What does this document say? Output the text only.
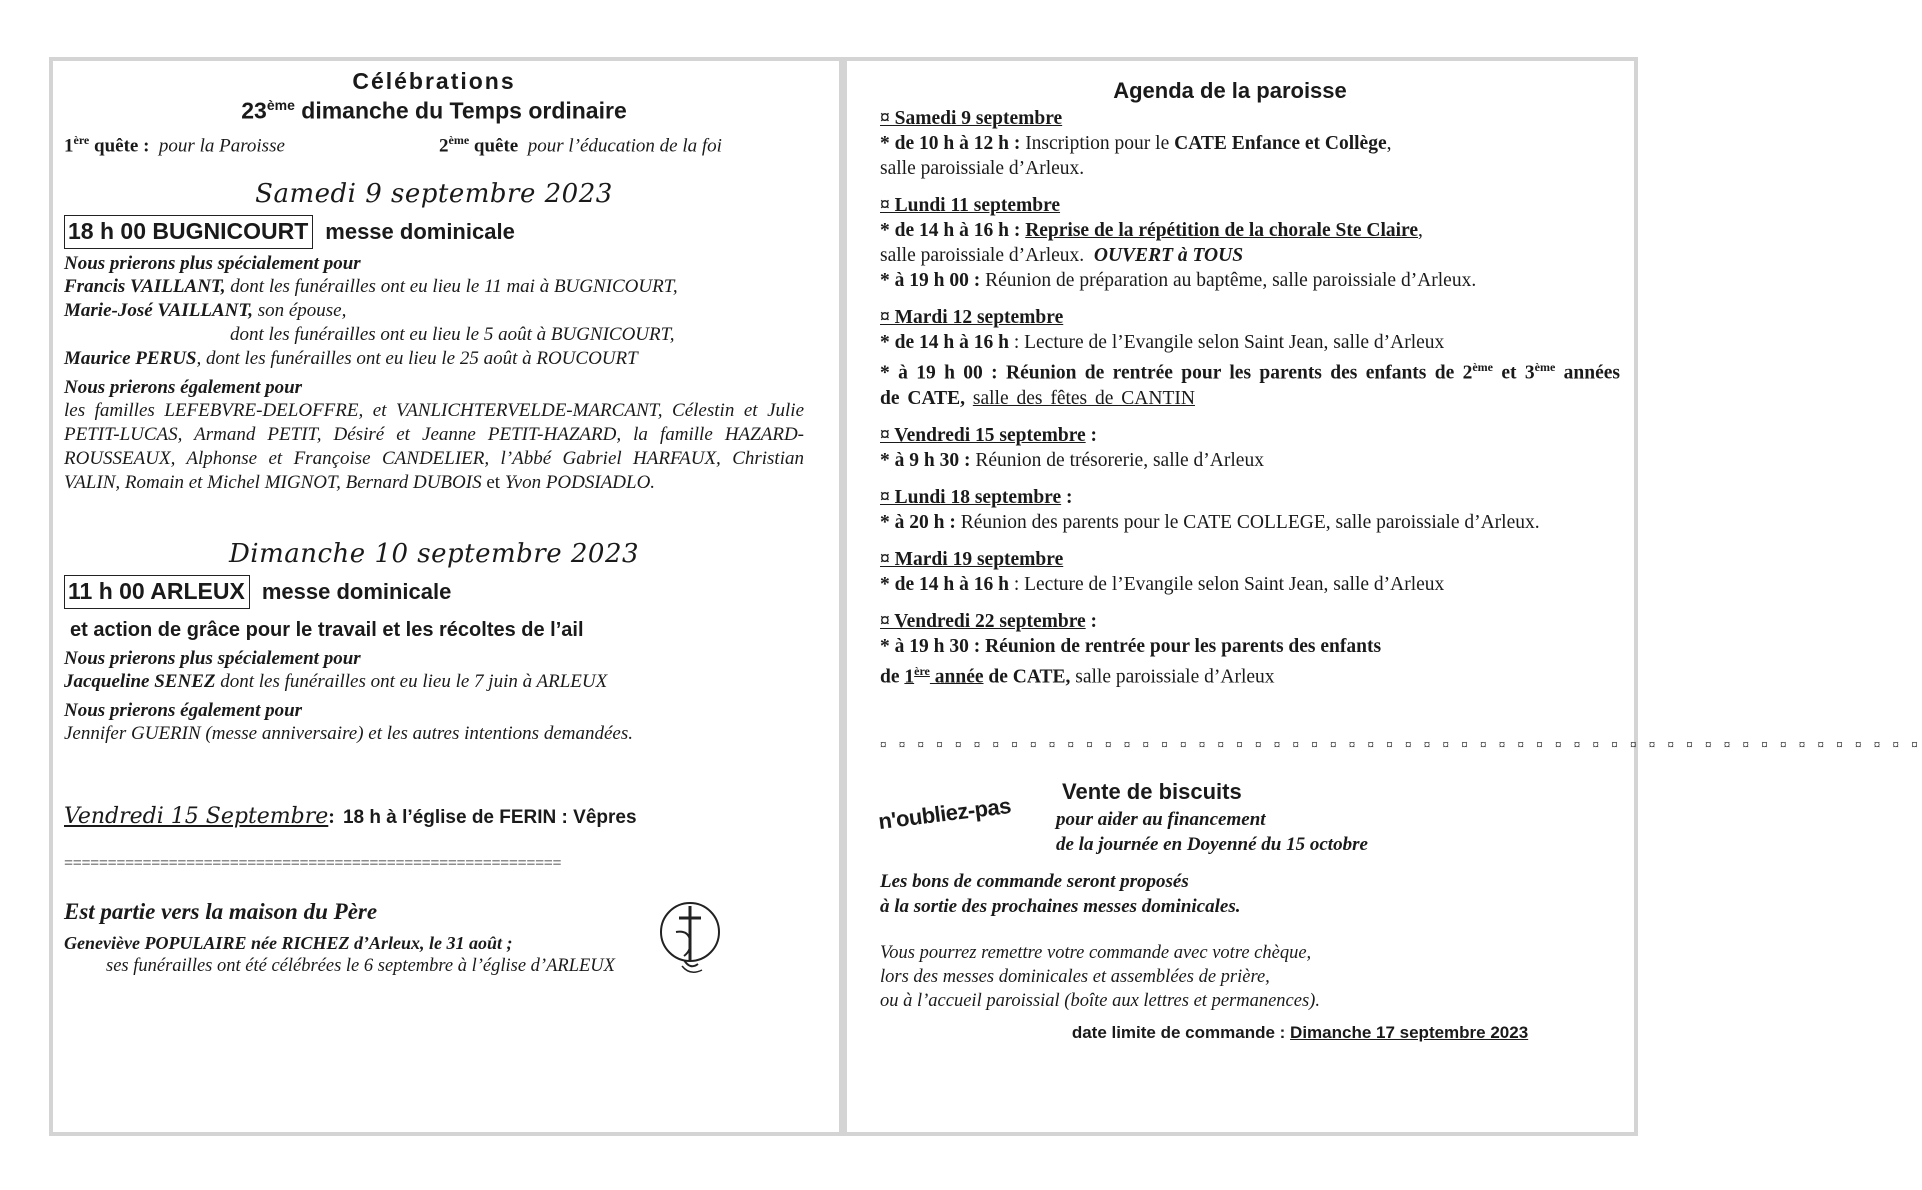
Célébrations
23ème dimanche du Temps ordinaire
1ère quête : pour la Paroisse	2ème quête pour l’éducation de la foi
Samedi 9 septembre 2023
18 h 00 BUGNICOURT messe dominicale

Nous prierons plus spécialement pour

Francis VAILLANT, dont les funérailles ont eu lieu le 11 mai à BUGNICOURT,

Marie-José VAILLANT, son épouse,

dont les funérailles ont eu lieu le 5 août à BUGNICOURT,

Maurice PERUS, dont les funérailles ont eu lieu le 25 août à ROUCOURT

Nous prierons également pour

les familles LEFEBVRE-DELOFFRE, et VANLICHTERVELDE-MARCANT, Célestin et Julie PETIT-LUCAS, Armand PETIT, Désiré et Jeanne PETIT-HAZARD, la famille HAZARD-ROUSSEAUX, Alphonse et Françoise CANDELIER, l’Abbé Gabriel HARFAUX, Christian VALIN, Romain et Michel MIGNOT, Bernard DUBOIS et Yvon PODSIADLO.

Dimanche 10 septembre 2023
11 h 00 ARLEUX messe dominicale
et action de grâce pour le travail et les récoltes de l’ail

Nous prierons plus spécialement pour

Jacqueline SENEZ dont les funérailles ont eu lieu le 7 juin à ARLEUX

Nous prierons également pour

Jennifer GUERIN (messe anniversaire) et les autres intentions demandées.

Vendredi 15 Septembre : 18 h à l’église de FERIN : Vêpres
=========================================================
Est partie vers la maison du Père

Geneviève POPULAIRE née RICHEZ d’Arleux, le 31 août ;

ses funérailles ont été célébrées le 6 septembre à l’église d’ARLEUX

Agenda de la paroisse
¤ Samedi 9 septembre
* de 10 h à 12 h : Inscription pour le CATE Enfance et Collège,
salle paroissiale d’Arleux.
¤ Lundi 11 septembre
* de 14 h à 16 h : Reprise de la répétition de la chorale Ste Claire,
salle paroissiale d’Arleux. OUVERT à TOUS
* à 19 h 00 : Réunion de préparation au baptême, salle paroissiale d’Arleux.
¤ Mardi 12 septembre
* de 14 h à 16 h : Lecture de l’Evangile selon Saint Jean, salle d’Arleux
* à 19 h 00 : Réunion de rentrée pour les parents des enfants de 2ème et 3ème années de CATE, salle des fêtes de CANTIN
¤ Vendredi 15 septembre :
* à 9 h 30 : Réunion de trésorerie, salle d’Arleux
¤ Lundi 18 septembre :
* à 20 h : Réunion des parents pour le CATE COLLEGE, salle paroissiale d’Arleux.
¤ Mardi 19 septembre
* de 14 h à 16 h : Lecture de l’Evangile selon Saint Jean, salle d’Arleux
¤ Vendredi 22 septembre :
* à 19 h 30 : Réunion de rentrée pour les parents des enfants
de 1ère année de CATE, salle paroissiale d’Arleux
¤ ¤ ¤ ¤ ¤ ¤ ¤ ¤ ¤ ¤ ¤ ¤ ¤ ¤ ¤ ¤ ¤ ¤ ¤ ¤ ¤ ¤ ¤ ¤ ¤ ¤ ¤ ¤ ¤ ¤ ¤ ¤ ¤ ¤ ¤ ¤ ¤ ¤ ¤ ¤ ¤ ¤ ¤ ¤ ¤ ¤ ¤ ¤ ¤ ¤ ¤ ¤ ¤ ¤ ¤ ¤
n'oubliez-pas
Vente de biscuits
pour aider au financement
de la journée en Doyenné du 15 octobre
Les bons de commande seront proposés
à la sortie des prochaines messes dominicales.
Vous pourrez remettre votre commande avec votre chèque,
lors des messes dominicales et assemblées de prière,
ou à l’accueil paroissial (boîte aux lettres et permanences).
date limite de commande : Dimanche 17 septembre 2023
